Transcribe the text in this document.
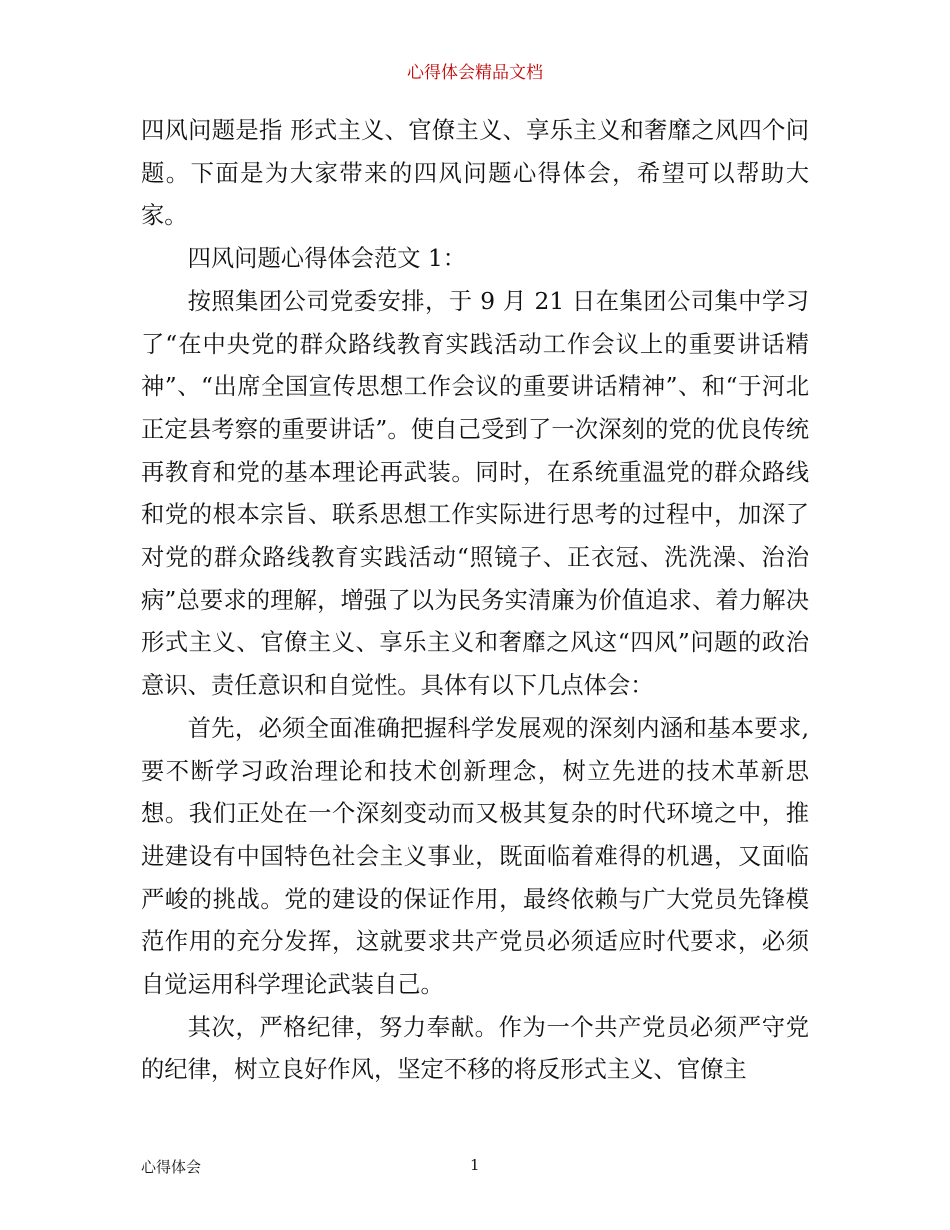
心得体会精品文档

四风问题是指 形式主义、官僚主义、享乐主义和奢靡之风四个问题。下面是为大家带来的四风问题心得体会，希望可以帮助大家。

四风问题心得体会范文 1：

按照集团公司党委安排，于 9 月 21 日在集团公司集中学习了“在中央党的群众路线教育实践活动工作会议上的重要讲话精神”、“出席全国宣传思想工作会议的重要讲话精神”、和“于河北正定县考察的重要讲话”。使自己受到了一次深刻的党的优良传统再教育和党的基本理论再武装。同时，在系统重温党的群众路线和党的根本宗旨、联系思想工作实际进行思考的过程中，加深了对党的群众路线教育实践活动“照镜子、正衣冠、洗洗澡、治治病”总要求的理解，增强了以为民务实清廉为价值追求、着力解决形式主义、官僚主义、享乐主义和奢靡之风这“四风”问题的政治意识、责任意识和自觉性。具体有以下几点体会：

首先，必须全面准确把握科学发展观的深刻内涵和基本要求,要不断学习政治理论和技术创新理念，树立先进的技术革新思想。我们正处在一个深刻变动而又极其复杂的时代环境之中，推进建设有中国特色社会主义事业，既面临着难得的机遇，又面临严峻的挑战。党的建设的保证作用，最终依赖与广大党员先锋模范作用的充分发挥，这就要求共产党员必须适应时代要求，必须自觉运用科学理论武装自己。

其次，严格纪律，努力奉献。作为一个共产党员必须严守党的纪律，树立良好作风，坚定不移的将反形式主义、官僚主

心得体会	1
